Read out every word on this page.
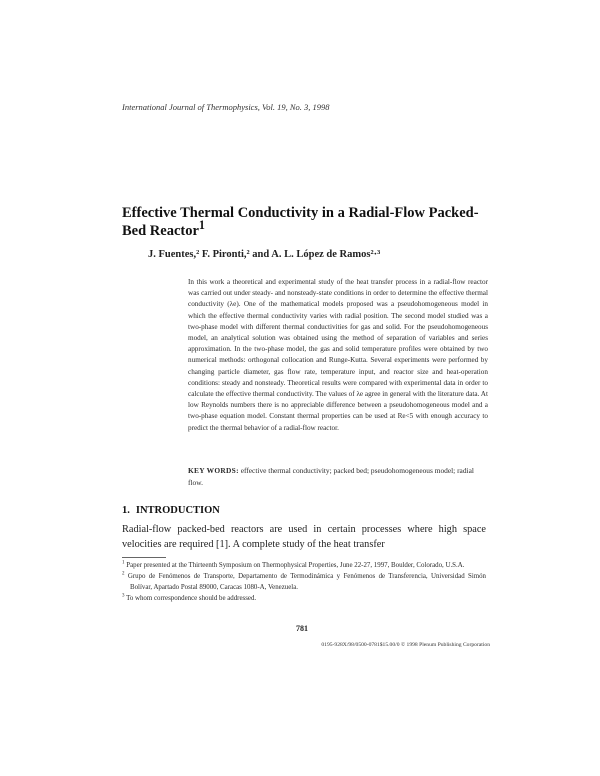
International Journal of Thermophysics, Vol. 19, No. 3, 1998
Effective Thermal Conductivity in a Radial-Flow Packed-Bed Reactor$^1$
J. Fuentes,² F. Pironti,² and A. L. López de Ramos²·³

In this work a theoretical and experimental study of the heat transfer process in a radial-flow reactor was carried out under steady- and nonsteady-state conditions in order to determine the effective thermal conductivity (λe). One of the mathematical models proposed was a pseudohomogeneous model in which the effective thermal conductivity varies with radial position. The second model studied was a two-phase model with different thermal conductivities for gas and solid. For the pseudohomogeneous model, an analytical solution was obtained using the method of separation of variables and series approximation. In the two-phase model, the gas and solid temperature profiles were obtained by two numerical methods: orthogonal collocation and Runge-Kutta. Several experiments were performed by changing particle diameter, gas flow rate, temperature input, and reactor size and heat-operation conditions: steady and nonsteady. Theoretical results were compared with experimental data in order to calculate the effective thermal conductivity. The values of λe agree in general with the literature data. At low Reynolds numbers there is no appreciable difference between a pseudohomogeneous model and a two-phase equation model. Constant thermal properties can be used at Re<5 with enough accuracy to predict the thermal behavior of a radial-flow reactor.

KEY WORDS: effective thermal conductivity; packed bed; pseudohomogeneous model; radial flow.

1. INTRODUCTION

Radial-flow packed-bed reactors are used in certain processes where high space velocities are required [1]. A complete study of the heat transfer

$^1$ Paper presented at the Thirteenth Symposium on Thermophysical Properties, June 22-27, 1997, Boulder, Colorado, U.S.A.

$^2$ Grupo de Fenómenos de Transporte, Departamento de Termodinámica y Fenómenos de Transferencia, Universidad Simón Bolívar, Apartado Postal 89000, Caracas 1080-A, Venezuela.

$^3$ To whom correspondence should be addressed.

781
0195-928X/98/0500-0781$15.00/0 © 1998 Plenum Publishing Corporation
